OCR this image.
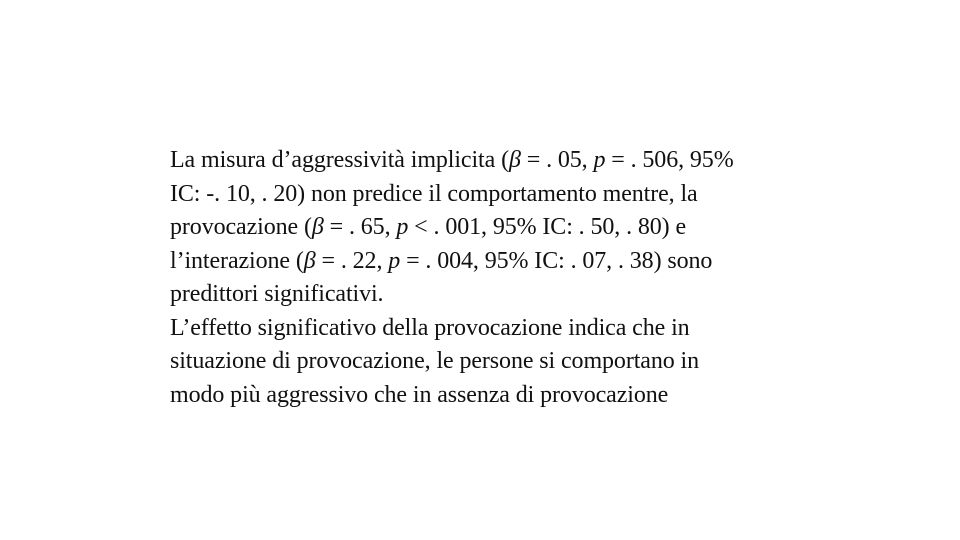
La misura d’aggressività implicita (β = . 05, p = . 506, 95%
IC: -. 10, . 20) non predice il comportamento mentre, la
provocazione (β = . 65, p < . 001, 95% IC: . 50, . 80) e
l’interazione (β = . 22, p = . 004, 95% IC: . 07, . 38) sono
predittori significativi.
L’effetto significativo della provocazione indica che in
situazione di provocazione, le persone si comportano in
modo più aggressivo che in assenza di provocazione
